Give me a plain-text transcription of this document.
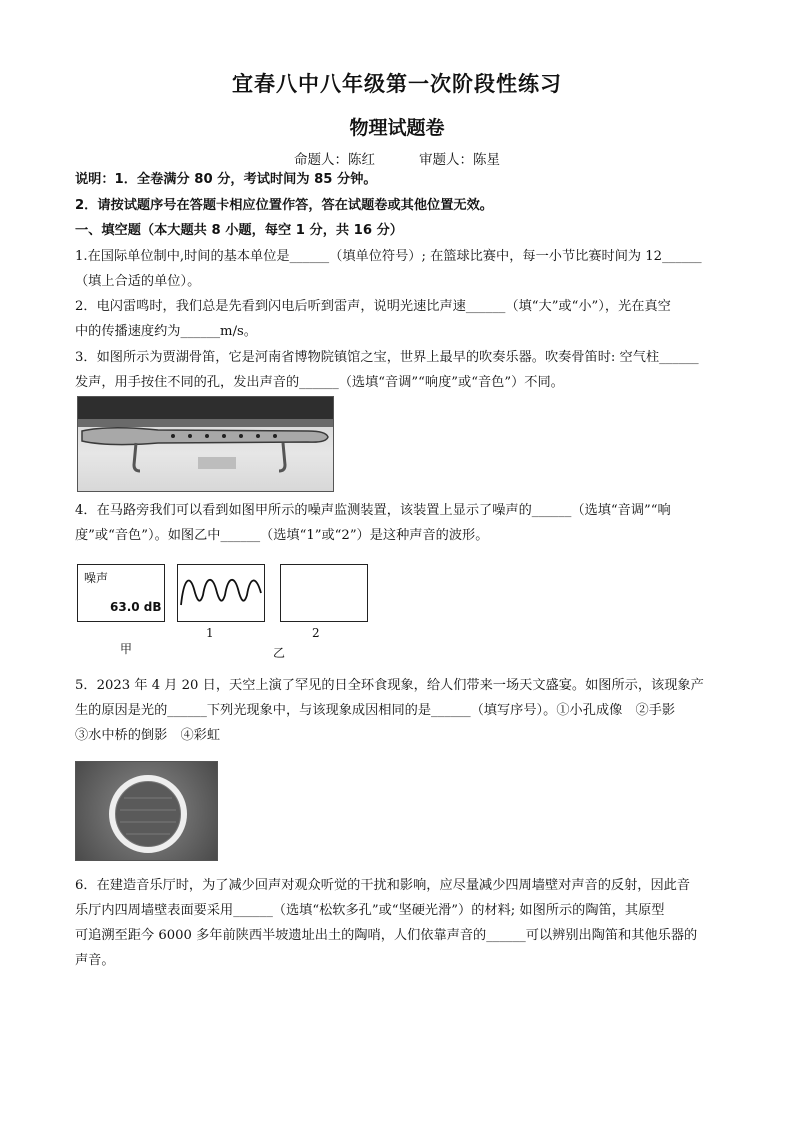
宜春八中八年级第一次阶段性练习
物理试题卷
命题人：陈红	审题人：陈星
说明：1．全卷满分 80 分，考试时间为 85 分钟。
2．请按试题序号在答题卡相应位置作答，答在试题卷或其他位置无效。
一、填空题（本大题共 8 小题，每空 1 分，共 16 分）
1.在国际单位制中,时间的基本单位是______（填单位符号）; 在篮球比赛中，每一小节比赛时间为 12______
（填上合适的单位）。
2．电闪雷鸣时，我们总是先看到闪电后听到雷声，说明光速比声速______（填“大”或“小”），光在真空
中的传播速度约为______m/s。
3．如图所示为贾湖骨笛，它是河南省博物院镇馆之宝，世界上最早的吹奏乐器。吹奏骨笛时: 空气柱______
发声，用手按住不同的孔，发出声音的______（选填“音调”“响度”或“音色”）不同。
4．在马路旁我们可以看到如图甲所示的噪声监测装置，该装置上显示了噪声的______（选填“音调”“响
度”或“音色”）。如图乙中______（选填“1”或“2”）是这种声音的波形。
噪声
63.0 dB
甲
1
乙
2
5．2023 年 4 月 20 日，天空上演了罕见的日全环食现象，给人们带来一场天文盛宴。如图所示，该现象产
生的原因是光的______下列光现象中，与该现象成因相同的是______（填写序号）。①小孔成像　②手影
③水中桥的倒影　④彩虹
6．在建造音乐厅时，为了减少回声对观众听觉的干扰和影响，应尽量减少四周墙壁对声音的反射，因此音
乐厅内四周墙壁表面要采用______（选填“松软多孔”或“坚硬光滑”）的材料; 如图所示的陶笛，其原型
可追溯至距今 6000 多年前陕西半坡遗址出土的陶哨，人们依靠声音的______可以辨别出陶笛和其他乐器的
声音。
